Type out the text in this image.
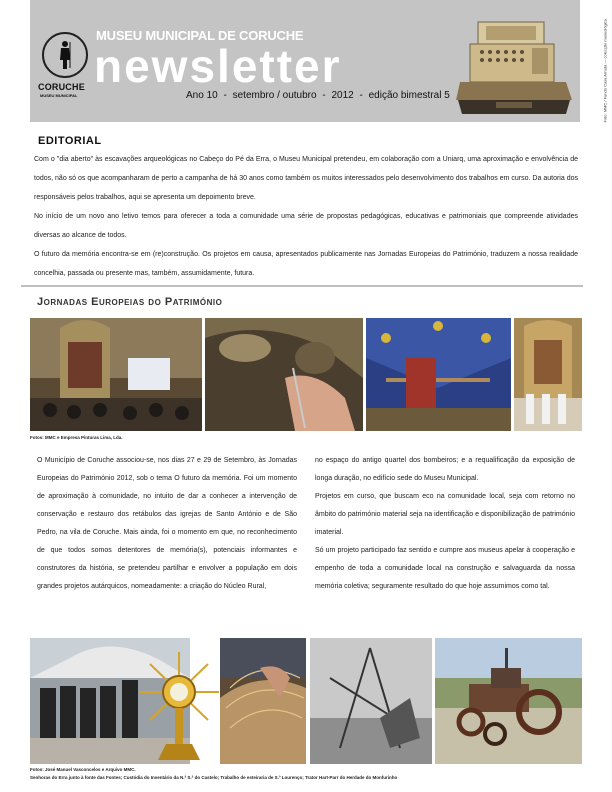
CORUCHE
MUSEU MUNICIPAL
MUSEU MUNICIPAL DE CORUCHE
newsletter
Ano 10 - setembro / outubro - 2012 - edição bimestral 5	Foto: MMC / Fundo Casa Arruda — colecção museológica
EDITORIAL

Com o "dia aberto" às escavações arqueológicas no Cabeço do Pé da Erra, o Museu Municipal pretendeu, em colaboração com a Uniarq, uma aproximação e envolvência de todos, não só os que acompanharam de perto a campanha de há 30 anos como também os muitos interessados pelo desenvolvimento dos trabalhos em curso. Da autoria dos responsáveis pelos trabalhos, aqui se apresenta um depoimento breve.

No início de um novo ano letivo temos para oferecer a toda a comunidade uma série de propostas pedagógicas, educativas e patrimoniais que compreende atividades diversas ao alcance de todos.

O futuro da memória encontra-se em (re)construção. Os projetos em causa, apresentados publicamente nas Jornadas Europeias do Património, traduzem a nossa realidade concelhia, passada ou presente mas, também, assumidamente, futura.

Jornadas Europeias do Património
Fotos: MMC e Empresa Pinturas Lima, Lda.

O Município de Coruche associou-se, nos dias 27 e 29 de Setembro, às Jornadas Europeias do Património 2012, sob o tema O futuro da memória. Foi um momento de aproximação à comunidade, no intuito de dar a conhecer a intervenção de conservação e restauro dos retábulos das igrejas de Santo António e de São Pedro, na vila de Coruche. Mais ainda, foi o momento em que, no reconhecimento de que todos somos detentores de memória(s), potenciais informantes e construtores da história, se pretendeu partilhar e envolver a população em dois grandes projetos autárquicos, nomeadamente: a criação do Núcleo Rural,

no espaço do antigo quartel dos bombeiros; e a requalificação da exposição de longa duração, no edifício sede do Museu Municipal.

Projetos em curso, que buscam eco na comunidade local, seja com retorno no âmbito do património material seja na identificação e disponibilização de património imaterial.

Só um projeto participado faz sentido e cumpre aos museus apelar à cooperação e empenho de toda a comunidade local na construção e salvaguarda da nossa memória coletiva; seguramente resultado do que hoje assumimos como tal.

Fotos: José Manuel Vasconcelos e Arquivo MMC.
Senhoras do Erra junto à fonte das Fontes; Custódia do Inventário da N.ª S.ª do Castelo; Trabalho de esteiraria de S.º Lourenço; Trator Hart-Parr do Herdade do Monfurinho
